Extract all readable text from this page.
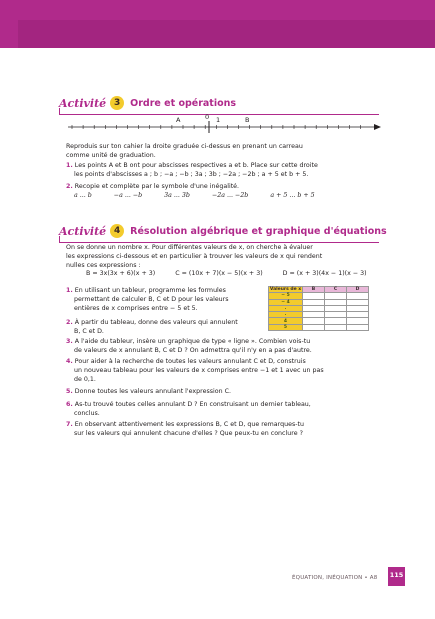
Activité 3	Ordre et opérations
A	0 1	B
Reproduis sur ton cahier la droite graduée ci-dessus en prenant un carreau
comme unité de graduation.
1. Les points A et B ont pour abscisses respectives a et b. Place sur cette droite
les points d'abscisses a ; b ; −a ; −b ; 3a ; 3b ; −2a ; −2b ; a + 5 et b + 5.
2. Recopie et complète par le symbole d'une inégalité.
a ... b	−a ... −b	3a ... 3b	−2a ... −2b	a + 5 ... b + 5
Activité 4	Résolution algébrique et graphique d'équations
On se donne un nombre x. Pour différentes valeurs de x, on cherche à évaluer
les expressions ci-dessous et en particulier à trouver les valeurs de x qui rendent
nulles ces expressions :
B = 3x(3x + 6)(x + 3)	C = (10x + 7)(x − 5)(x + 3)	D = (x + 3)(4x − 1)(x − 3)
1. En utilisant un tableur, programme les formules
permettant de calculer B, C et D pour les valeurs
entières de x comprises entre − 5 et 5.
2. À partir du tableau, donne des valeurs qui annulent
B, C et D.
Valeurs de x	B	C	D
− 5			
− 4			
.			
.			
4			
5			
3. A l'aide du tableur, insère un graphique de type « ligne ». Combien vois-tu
de valeurs de x annulant B, C et D ? On admettra qu'il n'y en a pas d'autre.
4. Pour aider à la recherche de toutes les valeurs annulant C et D, construis
un nouveau tableau pour les valeurs de x comprises entre −1 et 1 avec un pas
de 0,1.
5. Donne toutes les valeurs annulant l'expression C.
6. As-tu trouvé toutes celles annulant D ? En construisant un dernier tableau,
conclus.
7. En observant attentivement les expressions B, C et D, que remarques-tu
sur les valeurs qui annulent chacune d'elles ? Que peux-tu en conclure ?
ÉQUATION, INÉQUATION • A8 115
